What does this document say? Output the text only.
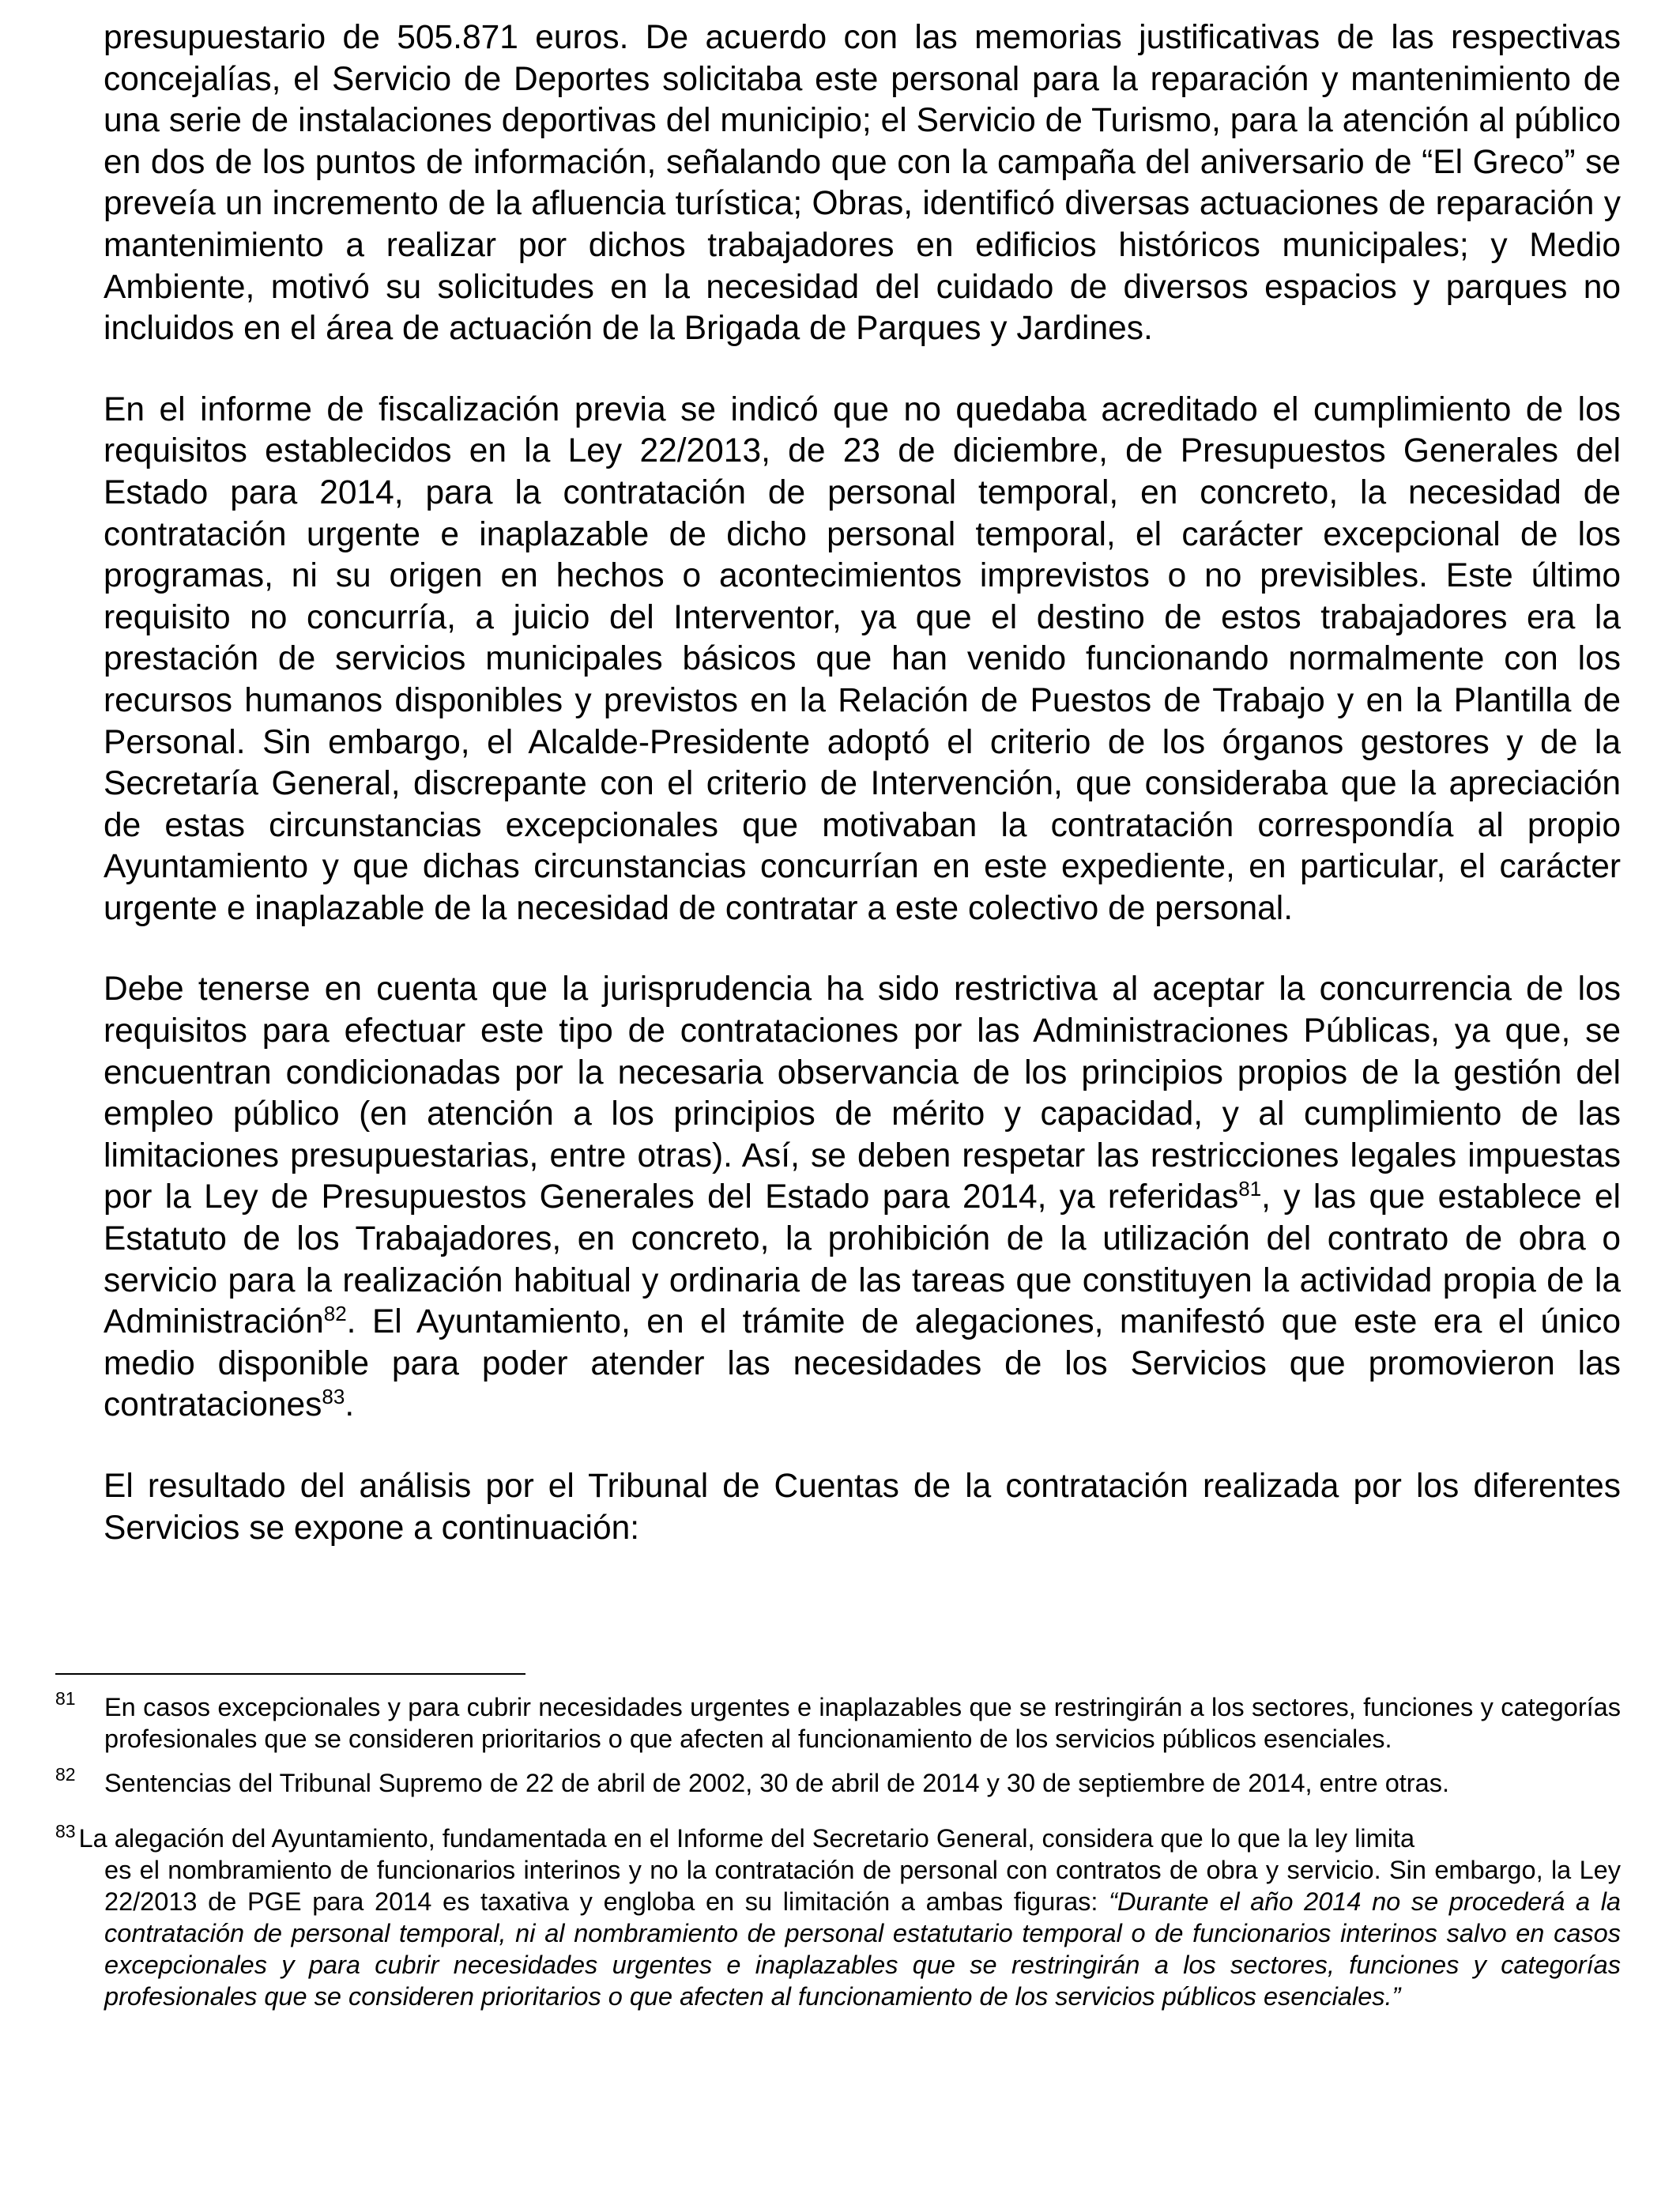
presupuestario de 505.871 euros. De acuerdo con las memorias justificativas de las respectivas concejalías, el Servicio de Deportes solicitaba este personal para la reparación y mantenimiento de una serie de instalaciones deportivas del municipio; el Servicio de Turismo, para la atención al público en dos de los puntos de información, señalando que con la campaña del aniversario de “El Greco” se preveía un incremento de la afluencia turística; Obras, identificó diversas actuaciones de reparación y mantenimiento a realizar por dichos trabajadores en edificios históricos municipales; y Medio Ambiente, motivó su solicitudes en la necesidad del cuidado de diversos espacios y parques no incluidos en el área de actuación de la Brigada de Parques y Jardines.

En el informe de fiscalización previa se indicó que no quedaba acreditado el cumplimiento de los requisitos establecidos en la Ley 22/2013, de 23 de diciembre, de Presupuestos Generales del Estado para 2014, para la contratación de personal temporal, en concreto, la necesidad de contratación urgente e inaplazable de dicho personal temporal, el carácter excepcional de los programas, ni su origen en hechos o acontecimientos imprevistos o no previsibles. Este último requisito no concurría, a juicio del Interventor, ya que el destino de estos trabajadores era la prestación de servicios municipales básicos que han venido funcionando normalmente con los recursos humanos disponibles y previstos en la Relación de Puestos de Trabajo y en la Plantilla de Personal. Sin embargo, el Alcalde-Presidente adoptó el criterio de los órganos gestores y de la Secretaría General, discrepante con el criterio de Intervención, que consideraba que la apreciación de estas circunstancias excepcionales que motivaban la contratación correspondía al propio Ayuntamiento y que dichas circunstancias concurrían en este expediente, en particular, el carácter urgente e inaplazable de la necesidad de contratar a este colectivo de personal.

Debe tenerse en cuenta que la jurisprudencia ha sido restrictiva al aceptar la concurrencia de los requisitos para efectuar este tipo de contrataciones por las Administraciones Públicas, ya que, se encuentran condicionadas por la necesaria observancia de los principios propios de la gestión del empleo público (en atención a los principios de mérito y capacidad, y al cumplimiento de las limitaciones presupuestarias, entre otras). Así, se deben respetar las restricciones legales impuestas por la Ley de Presupuestos Generales del Estado para 2014, ya referidas$^{81}$, y las que establece el Estatuto de los Trabajadores, en concreto, la prohibición de la utilización del contrato de obra o servicio para la realización habitual y ordinaria de las tareas que constituyen la actividad propia de la Administración$^{82}$. El Ayuntamiento, en el trámite de alegaciones, manifestó que este era el único medio disponible para poder atender las necesidades de los Servicios que promovieron las contrataciones$^{83}$.

El resultado del análisis por el Tribunal de Cuentas de la contratación realizada por los diferentes Servicios se expone a continuación:

81 En casos excepcionales y para cubrir necesidades urgentes e inaplazables que se restringirán a los sectores, funciones y categorías profesionales que se consideren prioritarios o que afecten al funcionamiento de los servicios públicos esenciales.
82 Sentencias del Tribunal Supremo de 22 de abril de 2002, 30 de abril de 2014 y 30 de septiembre de 2014, entre otras.
$^{83}$ La alegación del Ayuntamiento, fundamentada en el Informe del Secretario General, considera que lo que la ley limita
es el nombramiento de funcionarios interinos y no la contratación de personal con contratos de obra y servicio. Sin embargo, la Ley 22/2013 de PGE para 2014 es taxativa y engloba en su limitación a ambas figuras: “Durante el año 2014 no se procederá a la contratación de personal temporal, ni al nombramiento de personal estatutario temporal o de funcionarios interinos salvo en casos excepcionales y para cubrir necesidades urgentes e inaplazables que se restringirán a los sectores, funciones y categorías profesionales que se consideren prioritarios o que afecten al funcionamiento de los servicios públicos esenciales.”
